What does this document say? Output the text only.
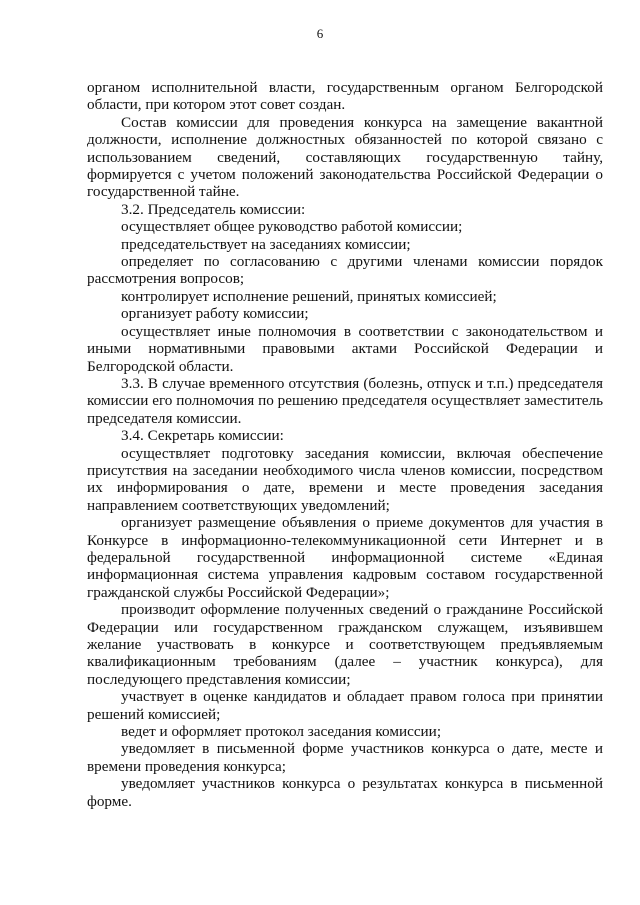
6

органом исполнительной власти, государственным органом Белгородской области, при котором этот совет создан.

Состав комиссии для проведения конкурса на замещение вакантной должности, исполнение должностных обязанностей по которой связано с использованием сведений, составляющих государственную тайну, формируется с учетом положений законодательства Российской Федерации о государственной тайне.

3.2. Председатель комиссии:

осуществляет общее руководство работой комиссии;

председательствует на заседаниях комиссии;

определяет по согласованию с другими членами комиссии порядок рассмотрения вопросов;

контролирует исполнение решений, принятых комиссией;

организует работу комиссии;

осуществляет иные полномочия в соответствии с законодательством и иными нормативными правовыми актами Российской Федерации и Белгородской области.

3.3. В случае временного отсутствия (болезнь, отпуск и т.п.) председателя комиссии его полномочия по решению председателя осуществляет заместитель председателя комиссии.

3.4. Секретарь комиссии:

осуществляет подготовку заседания комиссии, включая обеспечение присутствия на заседании необходимого числа членов комиссии, посредством их информирования о дате, времени и месте проведения заседания направлением соответствующих уведомлений;

организует размещение объявления о приеме документов для участия в Конкурсе в информационно-телекоммуникационной сети Интернет и в федеральной государственной информационной системе «Единая информационная система управления кадровым составом государственной гражданской службы Российской Федерации»;

производит оформление полученных сведений о гражданине Российской Федерации или государственном гражданском служащем, изъявившем желание участвовать в конкурсе и соответствующем предъявляемым квалификационным требованиям (далее – участник конкурса), для последующего представления комиссии;

участвует в оценке кандидатов и обладает правом голоса при принятии решений комиссией;

ведет и оформляет протокол заседания комиссии;

уведомляет в письменной форме участников конкурса о дате, месте и времени проведения конкурса;

уведомляет участников конкурса о результатах конкурса в письменной форме.
